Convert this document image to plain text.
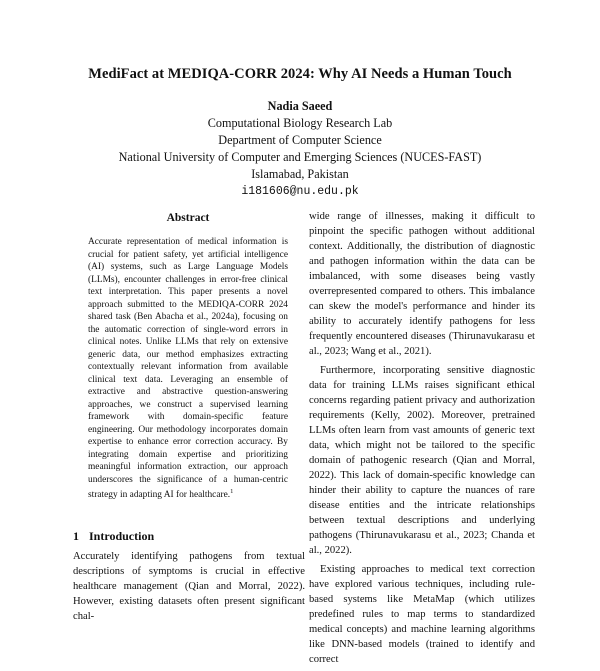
MediFact at MEDIQA-CORR 2024: Why AI Needs a Human Touch
Nadia Saeed
Computational Biology Research Lab
Department of Computer Science
National University of Computer and Emerging Sciences (NUCES-FAST)
Islamabad, Pakistan
i181606@nu.edu.pk
Abstract

Accurate representation of medical information is crucial for patient safety, yet artificial intelligence (AI) systems, such as Large Language Models (LLMs), encounter challenges in error-free clinical text interpretation. This paper presents a novel approach submitted to the MEDIQA-CORR 2024 shared task (Ben Abacha et al., 2024a), focusing on the automatic correction of single-word errors in clinical notes. Unlike LLMs that rely on extensive generic data, our method emphasizes extracting contextually relevant information from available clinical text data. Leveraging an ensemble of extractive and abstractive question-answering approaches, we construct a supervised learning framework with domain-specific feature engineering. Our methodology incorporates domain expertise to enhance error correction accuracy. By integrating domain expertise and prioritizing meaningful information extraction, our approach underscores the significance of a human-centric strategy in adapting AI for healthcare.$^1$

1 Introduction

Accurately identifying pathogens from textual descriptions of symptoms is crucial in effective healthcare management (Qian and Morral, 2022). However, existing datasets often present significant chal-

wide range of illnesses, making it difficult to pinpoint the specific pathogen without additional context. Additionally, the distribution of diagnostic and pathogen information within the data can be imbalanced, with some diseases being vastly overrepresented compared to others. This imbalance can skew the model's performance and hinder its ability to accurately identify pathogens for less frequently encountered diseases (Thirunavukarasu et al., 2023; Wang et al., 2021).

Furthermore, incorporating sensitive diagnostic data for training LLMs raises significant ethical concerns regarding patient privacy and authorization requirements (Kelly, 2002). Moreover, pretrained LLMs often learn from vast amounts of generic text data, which might not be tailored to the specific domain of pathogenic research (Qian and Morral, 2022). This lack of domain-specific knowledge can hinder their ability to capture the nuances of rare disease entities and the intricate relationships between textual descriptions and underlying pathogens (Thirunavukarasu et al., 2023; Chanda et al., 2022).

Existing approaches to medical text correction have explored various techniques, including rule-based systems like MetaMap (which utilizes predefined rules to map terms to standardized medical concepts) and machine learning algorithms like DNN-based models (trained to identify and correct
